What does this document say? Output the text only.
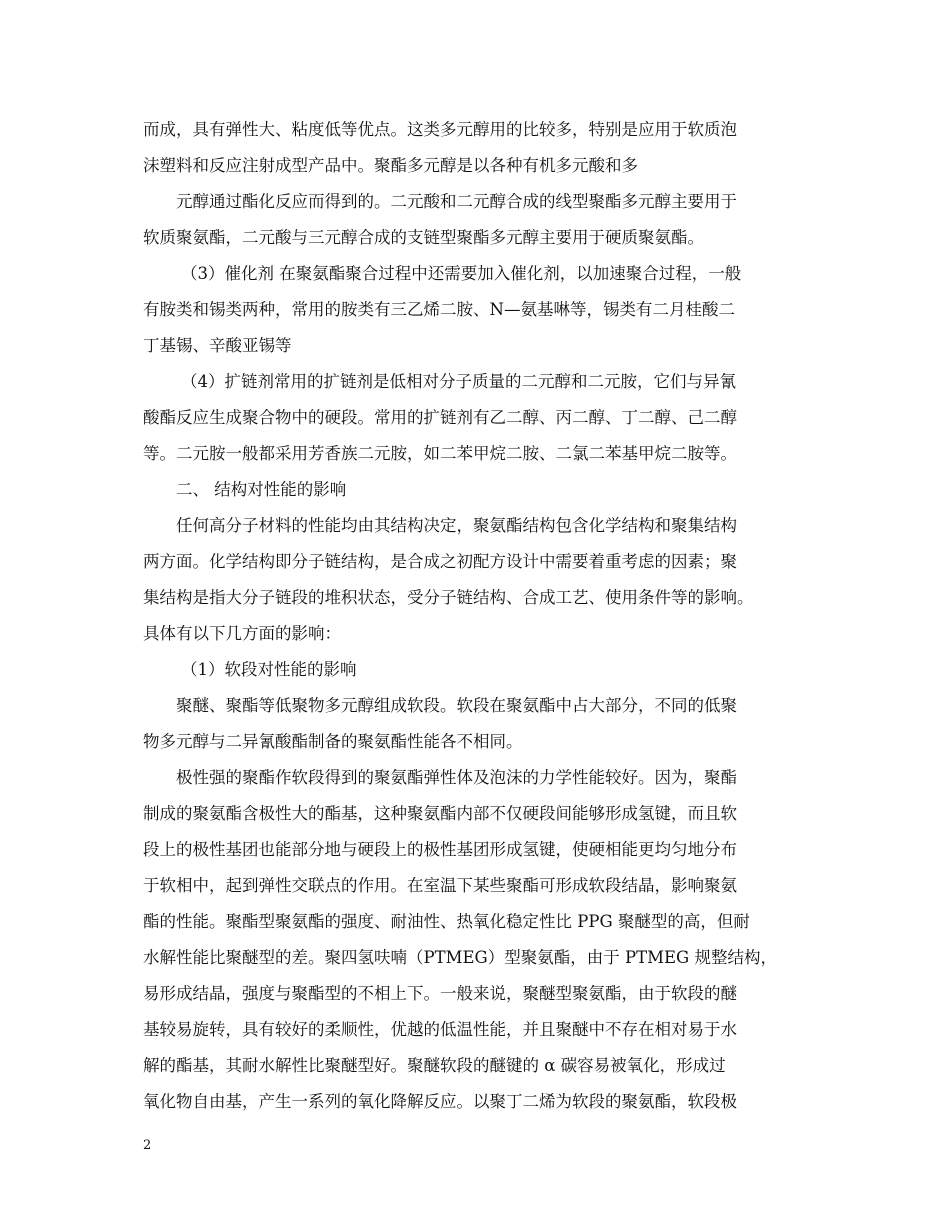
而成，具有弹性大、粘度低等优点。这类多元醇用的比较多，特别是应用于软质泡
沫塑料和反应注射成型产品中。聚酯多元醇是以各种有机多元酸和多
元醇通过酯化反应而得到的。二元酸和二元醇合成的线型聚酯多元醇主要用于
软质聚氨酯，二元酸与三元醇合成的支链型聚酯多元醇主要用于硬质聚氨酯。
（3）催化剂 在聚氨酯聚合过程中还需要加入催化剂，以加速聚合过程，一般
有胺类和锡类两种，常用的胺类有三乙烯二胺、N—氨基啉等，锡类有二月桂酸二
丁基锡、辛酸亚锡等
（4）扩链剂常用的扩链剂是低相对分子质量的二元醇和二元胺，它们与异氰
酸酯反应生成聚合物中的硬段。常用的扩链剂有乙二醇、丙二醇、丁二醇、己二醇
等。二元胺一般都采用芳香族二元胺，如二苯甲烷二胺、二氯二苯基甲烷二胺等。
二、 结构对性能的影响
任何高分子材料的性能均由其结构决定，聚氨酯结构包含化学结构和聚集结构
两方面。化学结构即分子链结构，是合成之初配方设计中需要着重考虑的因素；聚
集结构是指大分子链段的堆积状态，受分子链结构、合成工艺、使用条件等的影响。
具体有以下几方面的影响：
（1）软段对性能的影响
聚醚、聚酯等低聚物多元醇组成软段。软段在聚氨酯中占大部分，不同的低聚
物多元醇与二异氰酸酯制备的聚氨酯性能各不相同。
极性强的聚酯作软段得到的聚氨酯弹性体及泡沫的力学性能较好。因为，聚酯
制成的聚氨酯含极性大的酯基，这种聚氨酯内部不仅硬段间能够形成氢键，而且软
段上的极性基团也能部分地与硬段上的极性基团形成氢键，使硬相能更均匀地分布
于软相中，起到弹性交联点的作用。在室温下某些聚酯可形成软段结晶，影响聚氨
酯的性能。聚酯型聚氨酯的强度、耐油性、热氧化稳定性比 PPG 聚醚型的高，但耐
水解性能比聚醚型的差。聚四氢呋喃（PTMEG）型聚氨酯，由于 PTMEG 规整结构，
易形成结晶，强度与聚酯型的不相上下。一般来说，聚醚型聚氨酯，由于软段的醚
基较易旋转，具有较好的柔顺性，优越的低温性能，并且聚醚中不存在相对易于水
解的酯基，其耐水解性比聚醚型好。聚醚软段的醚键的 α 碳容易被氧化，形成过
氧化物自由基，产生一系列的氧化降解反应。以聚丁二烯为软段的聚氨酯，软段极
2
